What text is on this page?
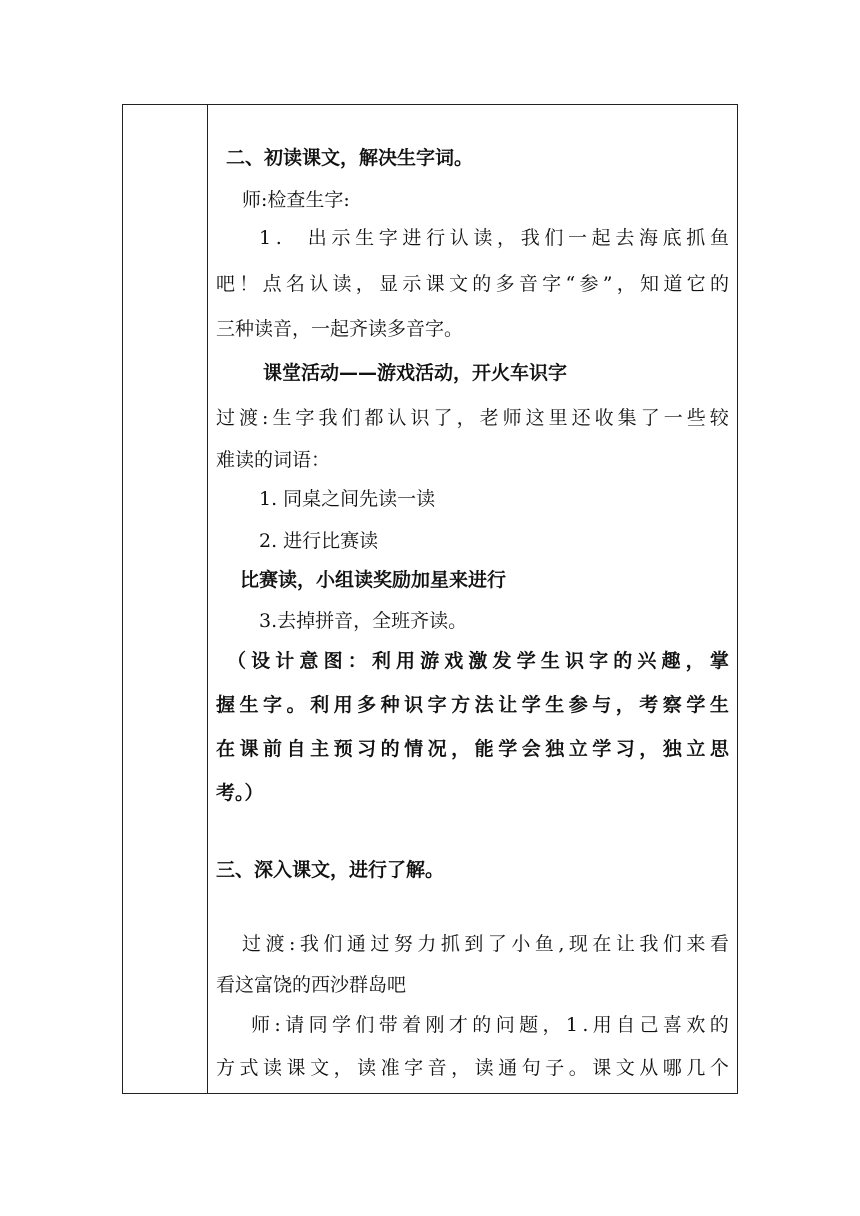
二、初读课文，解决生字词。
师:检查生字:
1 .

出 示 生 字 进 行 认 读 ， 我 们 一 起 去 海 底 抓 鱼
吧 ！ 点 名 认 读 ， 显 示 课 文 的 多 音 字 “ 参 ” ， 知 道 它 的
三种读音，一起齐读多音字。
课堂活动——游戏活动，开火车识字
过 渡 : 生 字 我 们 都 认 识 了 ， 老 师 这 里 还 收 集 了 一 些 较
难读的词语：
1. 同桌之间先读一读
2. 进行比赛读
比赛读，小组读奖励加星来进行
3.去掉拼音，全班齐读。
（ 设 计 意 图 ： 利 用 游 戏 激 发 学 生 识 字 的 兴 趣 ， 掌
握 生 字 。 利 用 多 种 识 字 方 法 让 学 生 参 与 ， 考 察 学 生
在 课 前 自 主 预 习 的 情 况 ， 能 学 会 独 立 学 习 ， 独 立 思
考。）
三、深入课文，进行了解。
过 渡 : 我 们 通 过 努 力 抓 到 了 小 鱼 , 现 在 让 我 们 来 看
看这富饶的西沙群岛吧
师 : 请 同 学 们 带 着 刚 才 的 问 题 ， 1 . 用 自 己 喜 欢 的
方 式 读 课 文 ， 读 准 字 音 ， 读 通 句 子 。 课 文 从 哪 几 个
